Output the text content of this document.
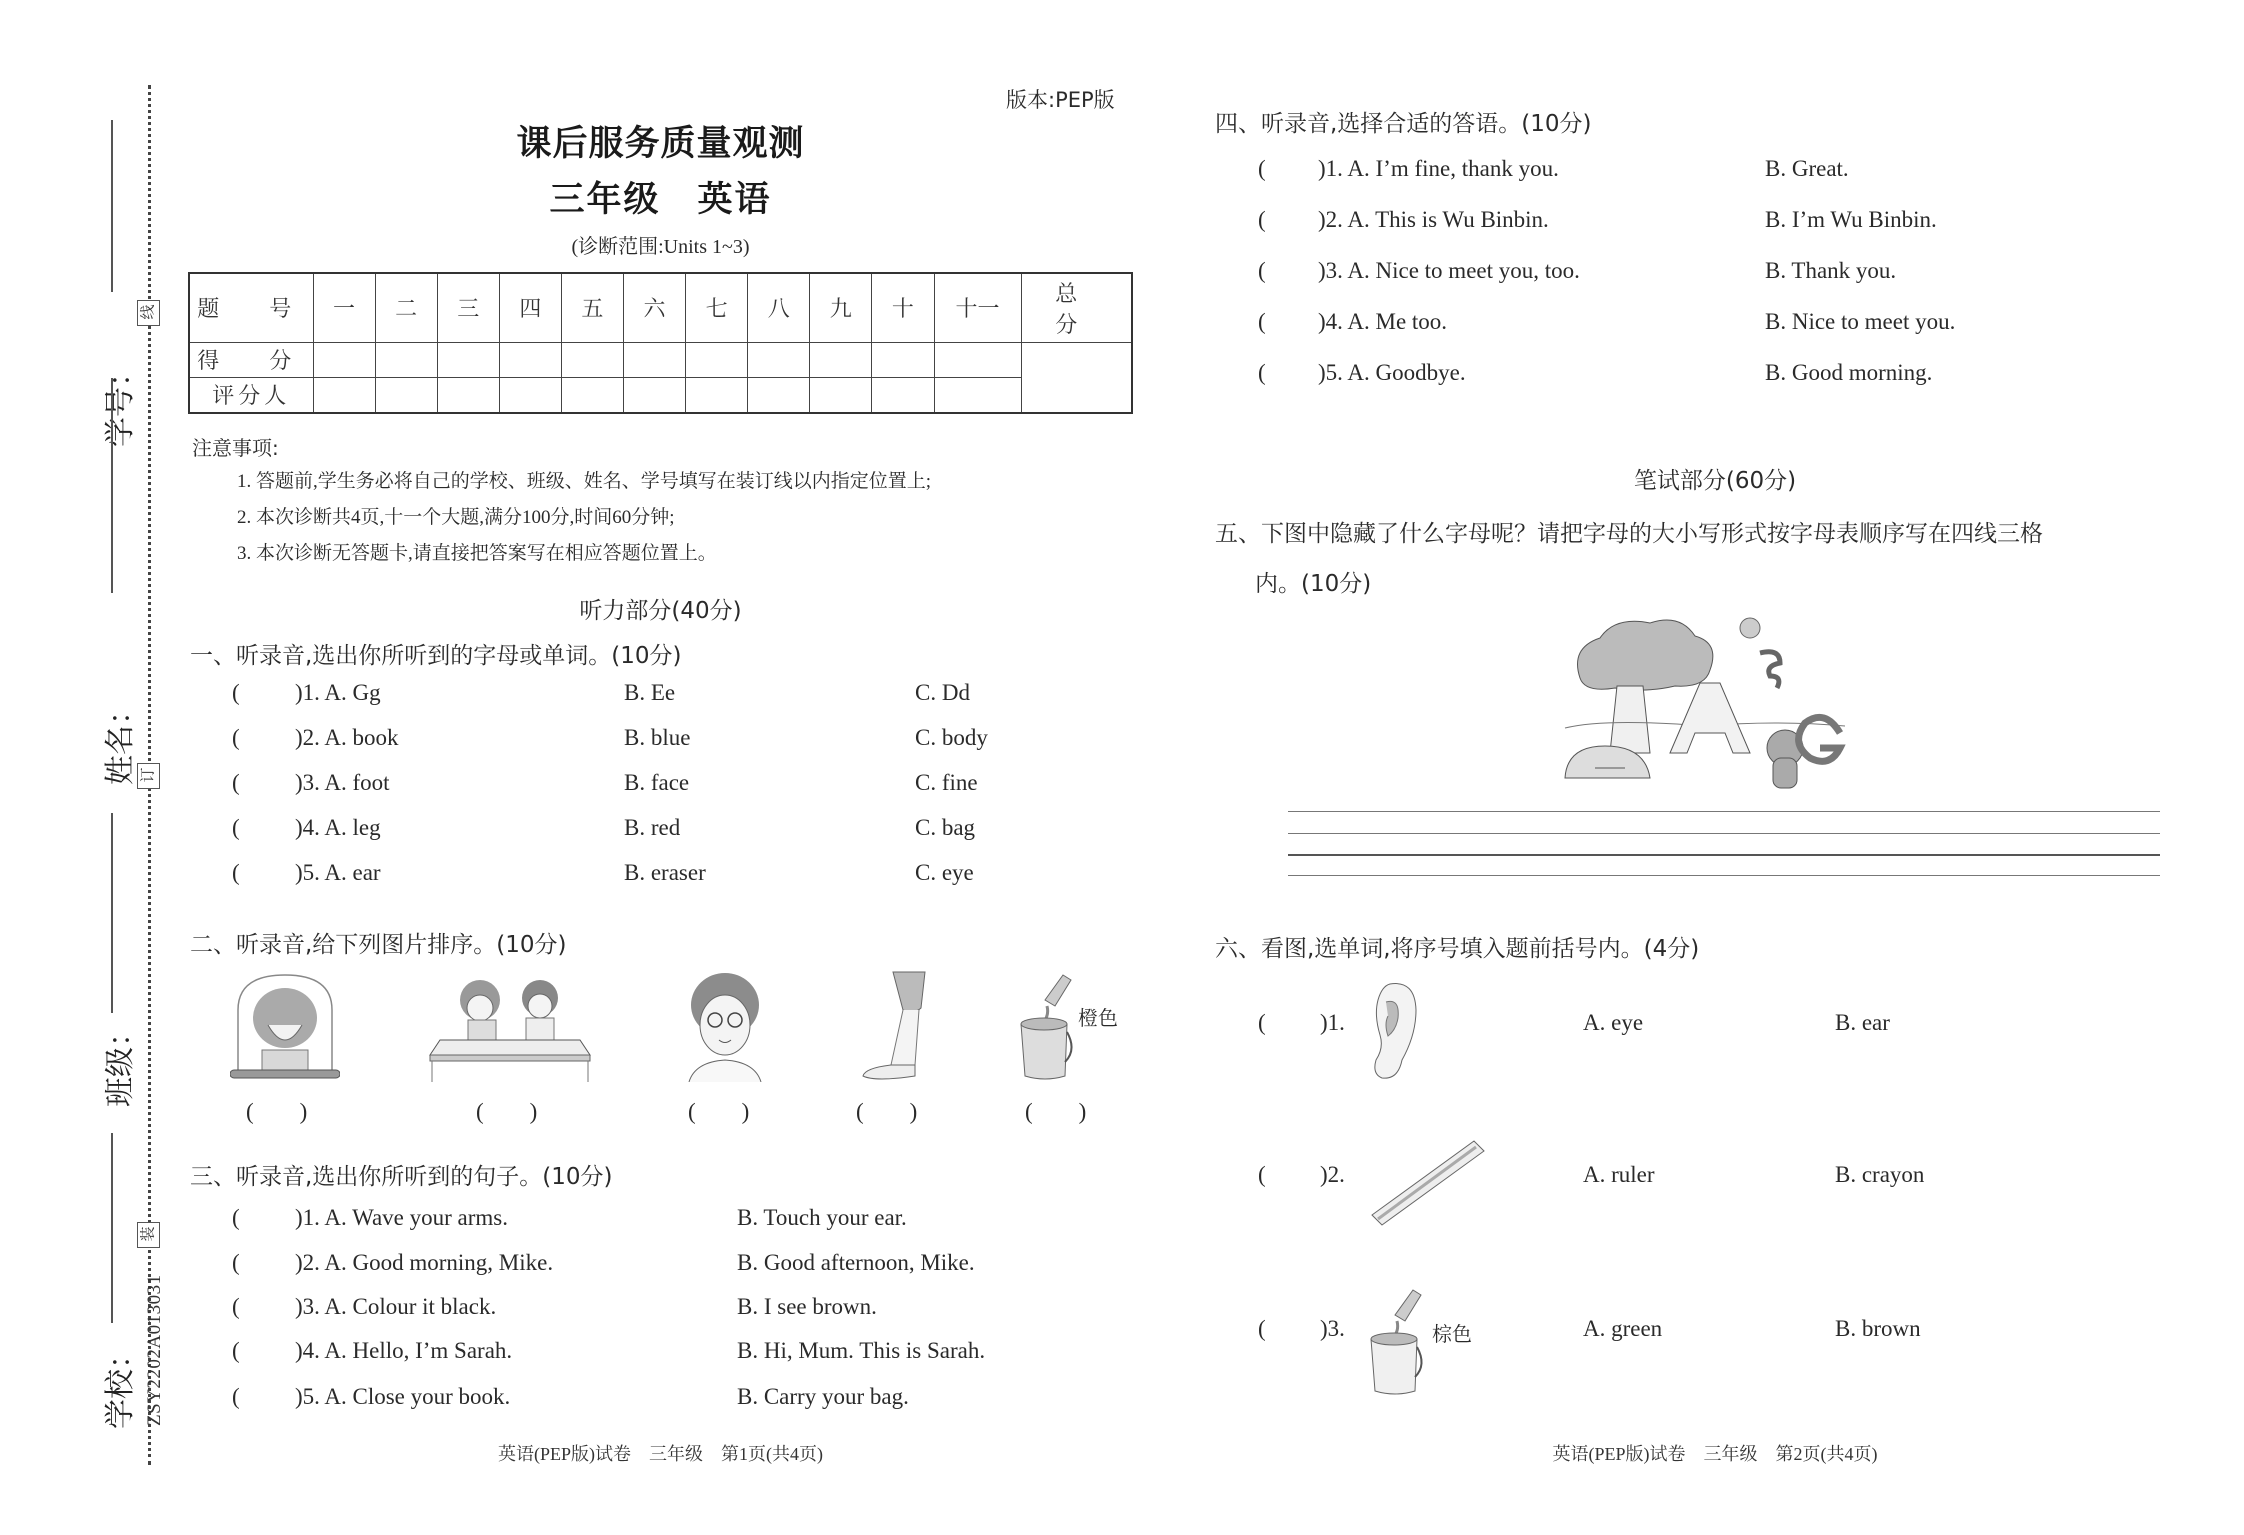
线
订
装
学号：
姓名：
班级：
学校： ZSY2202A013031
版本:PEP版
课后服务质量观测
三年级　英语
(诊断范围:Units 1~3)
题　号	一	二	三	四	五	六	七	八	九	十	十一	总　分
得　分												
评分人												
注意事项:
1. 答题前,学生务必将自己的学校、班级、姓名、学号填写在装订线以内指定位置上;
2. 本次诊断共4页,十一个大题,满分100分,时间60分钟;
3. 本次诊断无答题卡,请直接把答案写在相应答题位置上。
听力部分(40分)
一、听录音,选出你所听到的字母或单词。(10分)
( )1. A. Gg	B. Ee	C. Dd
( )2. A. book	B. blue	C. body
( )3. A. foot	B. face	C. fine
( )4. A. leg	B. red	C. bag
( )5. A. ear	B. eraser	C. eye
二、听录音,给下列图片排序。(10分)
橙色
(　　)	(　　)	(　　)	(　　)	(　　)
三、听录音,选出你所听到的句子。(10分)
( )1. A. Wave your arms.	B. Touch your ear.
( )2. A. Good morning, Mike.	B. Good afternoon, Mike.
( )3. A. Colour it black.	B. I see brown.
( )4. A. Hello, I’m Sarah.	B. Hi, Mum. This is Sarah.
( )5. A. Close your book.	B. Carry your bag.
英语(PEP版)试卷　三年级　第1页(共4页)
四、听录音,选择合适的答语。(10分)
( )1. A. I’m fine, thank you.	B. Great.
( )2. A. This is Wu Binbin.	B. I’m Wu Binbin.
( )3. A. Nice to meet you, too.	B. Thank you.
( )4. A. Me too.	B. Nice to meet you.
( )5. A. Goodbye.	B. Good morning.
笔试部分(60分)
五、下图中隐藏了什么字母呢？请把字母的大小写形式按字母表顺序写在四线三格
内。(10分)
六、看图,选单词,将序号填入题前括号内。(4分)
( )1.	A. eye	B. ear
( )2.	A. ruler	B. crayon
( )3.	棕色	A. green	B. brown
英语(PEP版)试卷　三年级　第2页(共4页)
